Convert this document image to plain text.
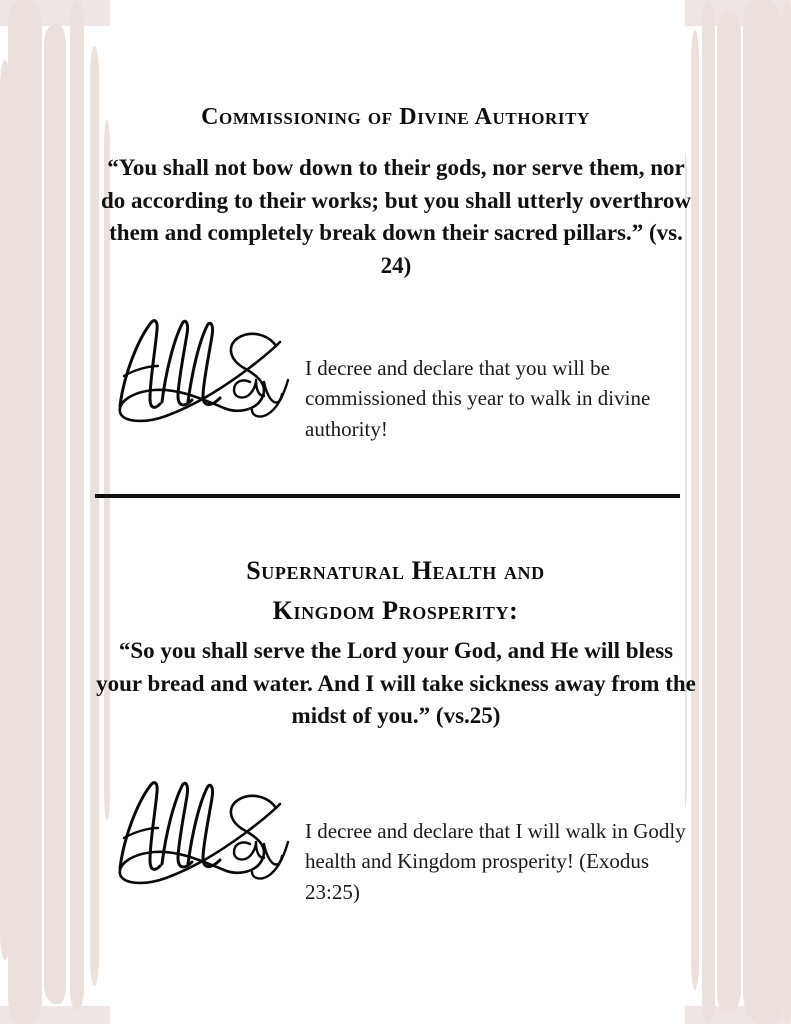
Commissioning of Divine Authority
“You shall not bow down to their gods, nor serve them, nor do according to their works; but you shall utterly overthrow them and completely break down their sacred pillars.” (vs. 24)
I decree and declare that you will be commissioned this year to walk in divine authority!
Supernatural Health and
Kingdom Prosperity:
“So you shall serve the Lord your God, and He will bless your bread and water. And I will take sickness away from the midst of you.” (vs.25)
I decree and declare that I will walk in Godly health and Kingdom prosperity! (Exodus 23:25)
